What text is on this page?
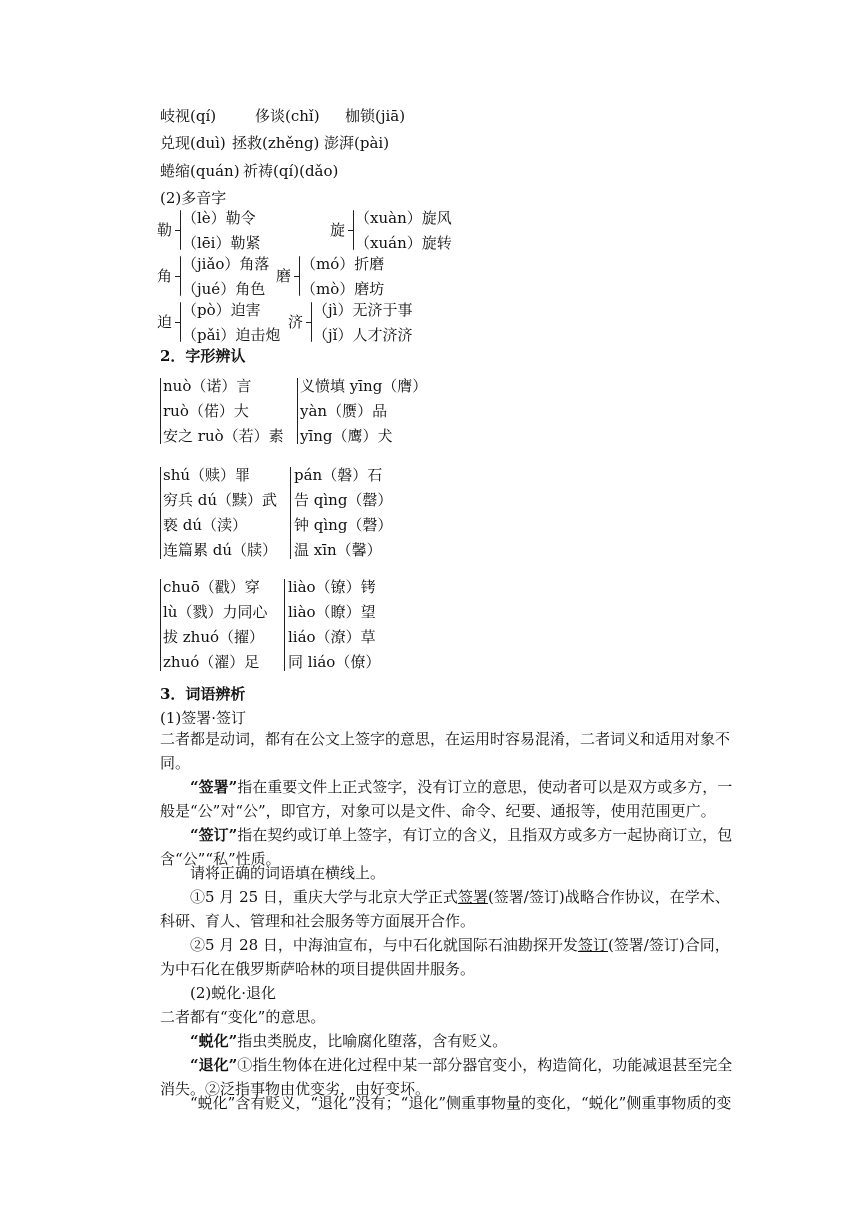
岐视(qí)	侈谈(chǐ) 枷锁(jiā)
兑现(duì) 拯救(zhěng) 澎湃(pài)
蜷缩(quán) 祈祷(qí)(dǎo)
(2)多音字
勒
（lè）勒令
（lēi）勒紧
旋
（xuàn）旋风
（xuán）旋转
角
（jiǎo）角落
（jué）角色
磨
（mó）折磨
（mò）磨坊
迫
（pò）迫害
（pǎi）迫击炮
济
（jì）无济于事
（jǐ）人才济济
2．字形辨认
nuò（诺）言
ruò（偌）大
安之 ruò（若）素
义愤填 yīng（膺）
yàn（赝）品
yīng（鹰）犬
shú（赎）罪
穷兵 dú（黩）武
亵 dú（渎）
连篇累 dú（牍）
pán（磐）石
告 qìng（罄）
钟 qìng（磬）
温 xīn（馨）
chuō（戳）穿
lù（戮）力同心
拔 zhuó（擢）
zhuó（濯）足
liào（镣）铐
liào（瞭）望
liáo（潦）草
同 liáo（僚）
3．词语辨析
(1)签署·签订
二者都是动词，都有在公文上签字的意思，在运用时容易混淆，二者词义和适用对象不同。
“签署”指在重要文件上正式签字，没有订立的意思，使动者可以是双方或多方，一般是“公”对“公”，即官方，对象可以是文件、命令、纪要、通报等，使用范围更广。
“签订”指在契约或订单上签字，有订立的含义，且指双方或多方一起协商订立，包含“公”“私”性质。
请将正确的词语填在横线上。
①5 月 25 日，重庆大学与北京大学正式签署(签署/签订)战略合作协议，在学术、科研、育人、管理和社会服务等方面展开合作。
②5 月 28 日，中海油宣布，与中石化就国际石油勘探开发签订(签署/签订)合同，为中石化在俄罗斯萨哈林的项目提供固井服务。
(2)蜕化·退化
二者都有“变化”的意思。
“蜕化”指虫类脱皮，比喻腐化堕落，含有贬义。
“退化”①指生物体在进化过程中某一部分器官变小，构造简化，功能减退甚至完全消失。②泛指事物由优变劣，由好变坏。
“蜕化”含有贬义，“退化”没有；“退化”侧重事物量的变化，“蜕化”侧重事物质的变
